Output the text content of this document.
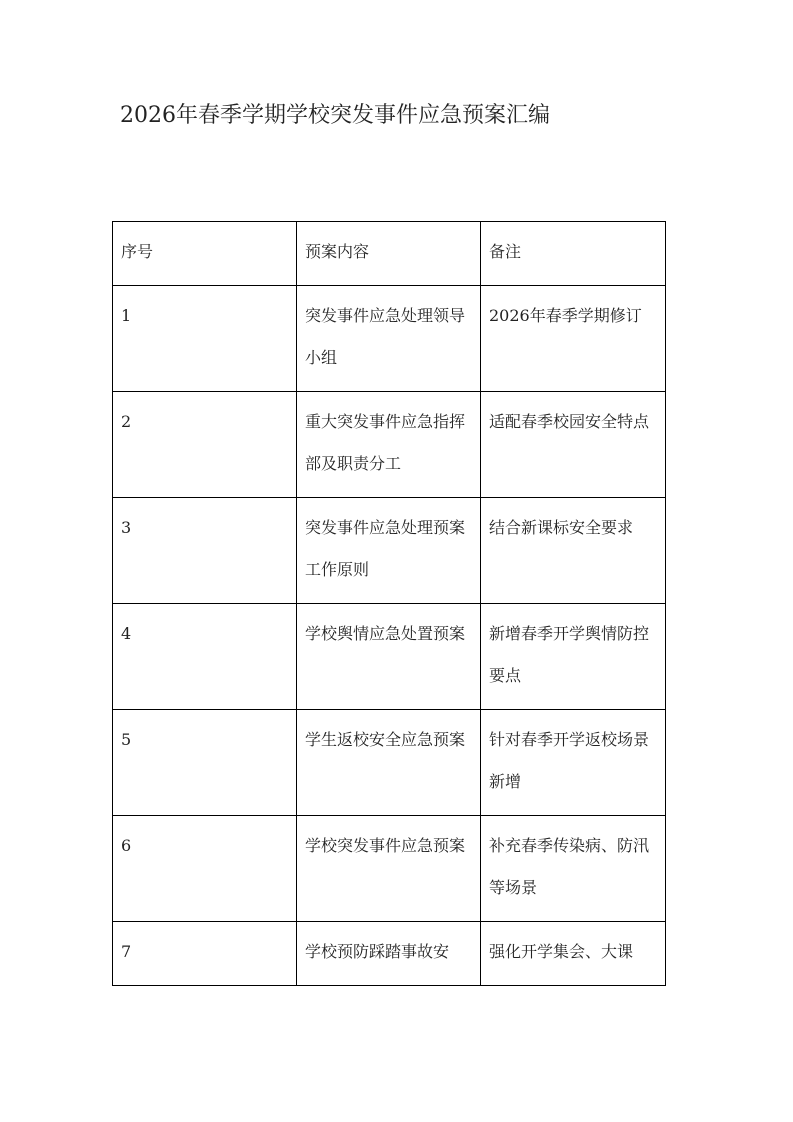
2026年春季学期学校突发事件应急预案汇编
序号	预案内容	备注

1	突发事件应急处理领导小组	2026年春季学期修订

2	重大突发事件应急指挥部及职责分工	适配春季校园安全特点

3	突发事件应急处理预案工作原则	结合新课标安全要求

4	学校舆情应急处置预案	新增春季开学舆情防控要点

5	学生返校安全应急预案	针对春季开学返校场景新增

6	学校突发事件应急预案	补充春季传染病、防汛等场景

7	学校预防踩踏事故安	强化开学集会、大课
